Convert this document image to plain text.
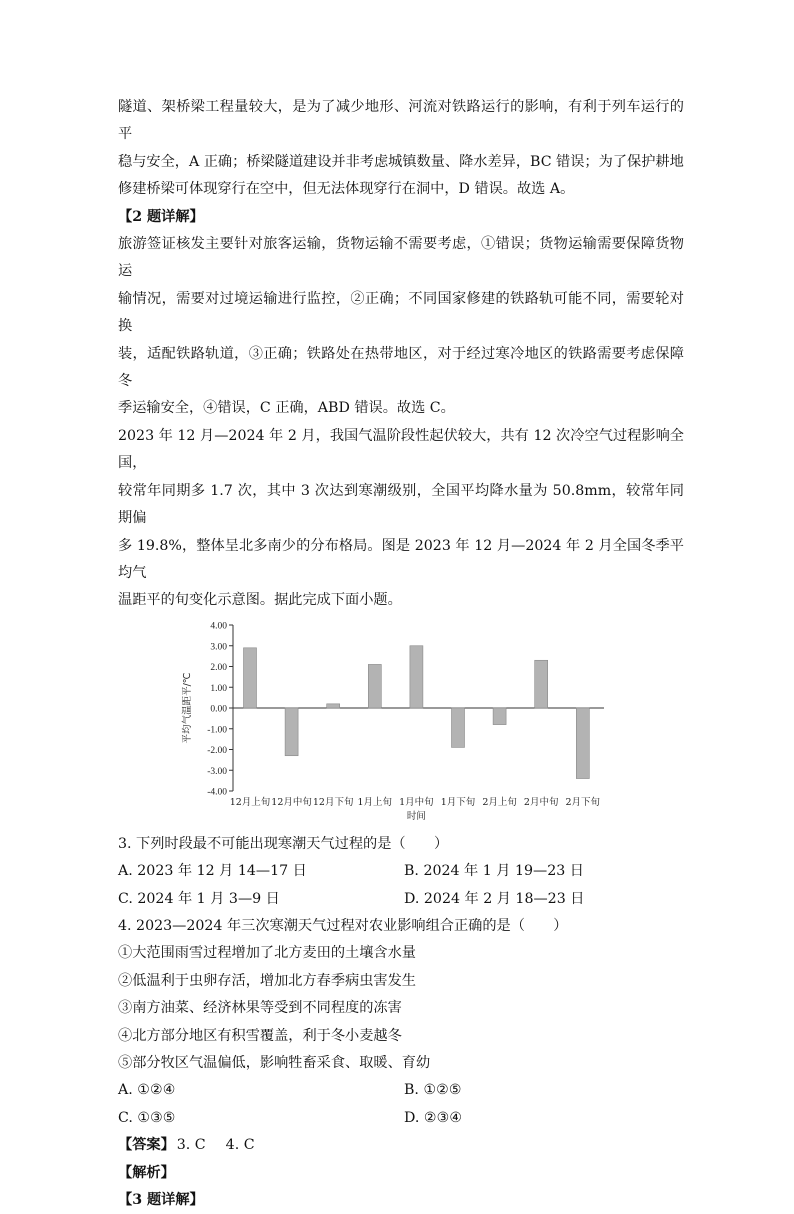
隧道、架桥梁工程量较大，是为了减少地形、河流对铁路运行的影响，有利于列车运行的平

稳与安全，A 正确；桥梁隧道建设并非考虑城镇数量、降水差异，BC 错误；为了保护耕地

修建桥梁可体现穿行在空中，但无法体现穿行在洞中，D 错误。故选 A。

【2 题详解】

旅游签证核发主要针对旅客运输，货物运输不需要考虑，①错误；货物运输需要保障货物运

输情况，需要对过境运输进行监控，②正确；不同国家修建的铁路轨可能不同，需要轮对换

装，适配铁路轨道，③正确；铁路处在热带地区，对于经过寒冷地区的铁路需要考虑保障冬

季运输安全，④错误，C 正确，ABD 错误。故选 C。

2023 年 12 月—2024 年 2 月，我国气温阶段性起伏较大，共有 12 次冷空气过程影响全国，

较常年同期多 1.7 次，其中 3 次达到寒潮级别，全国平均降水量为 50.8mm，较常年同期偏

多 19.8%，整体呈北多南少的分布格局。图是 2023 年 12 月—2024 年 2 月全国冬季平均气

温距平的旬变化示意图。据此完成下面小题。

4.00
3.00
2.00
1.00
0.00
-1.00
-2.00
-3.00
-4.00
平均气温距平/℃
12月上旬 12月中旬 12月下旬 1月上旬 1月中旬 1月下旬 2月上旬 2月中旬 2月下旬
时间

3. 下列时段最不可能出现寒潮天气过程的是（　　）

A. 2023 年 12 月 14—17 日	B. 2024 年 1 月 19—23 日
C. 2024 年 1 月 3—9 日	D. 2024 年 2 月 18—23 日

4. 2023—2024 年三次寒潮天气过程对农业影响组合正确的是（　　）

①大范围雨雪过程增加了北方麦田的土壤含水量

②低温利于虫卵存活，增加北方春季病虫害发生

③南方油菜、经济林果等受到不同程度的冻害

④北方部分地区有积雪覆盖，利于冬小麦越冬

⑤部分牧区气温偏低，影响牲畜采食、取暖、育幼

A. ①②④	B. ①②⑤
C. ①③⑤	D. ②③④
【答案】 3. C 4. C

【解析】

【3 题详解】
